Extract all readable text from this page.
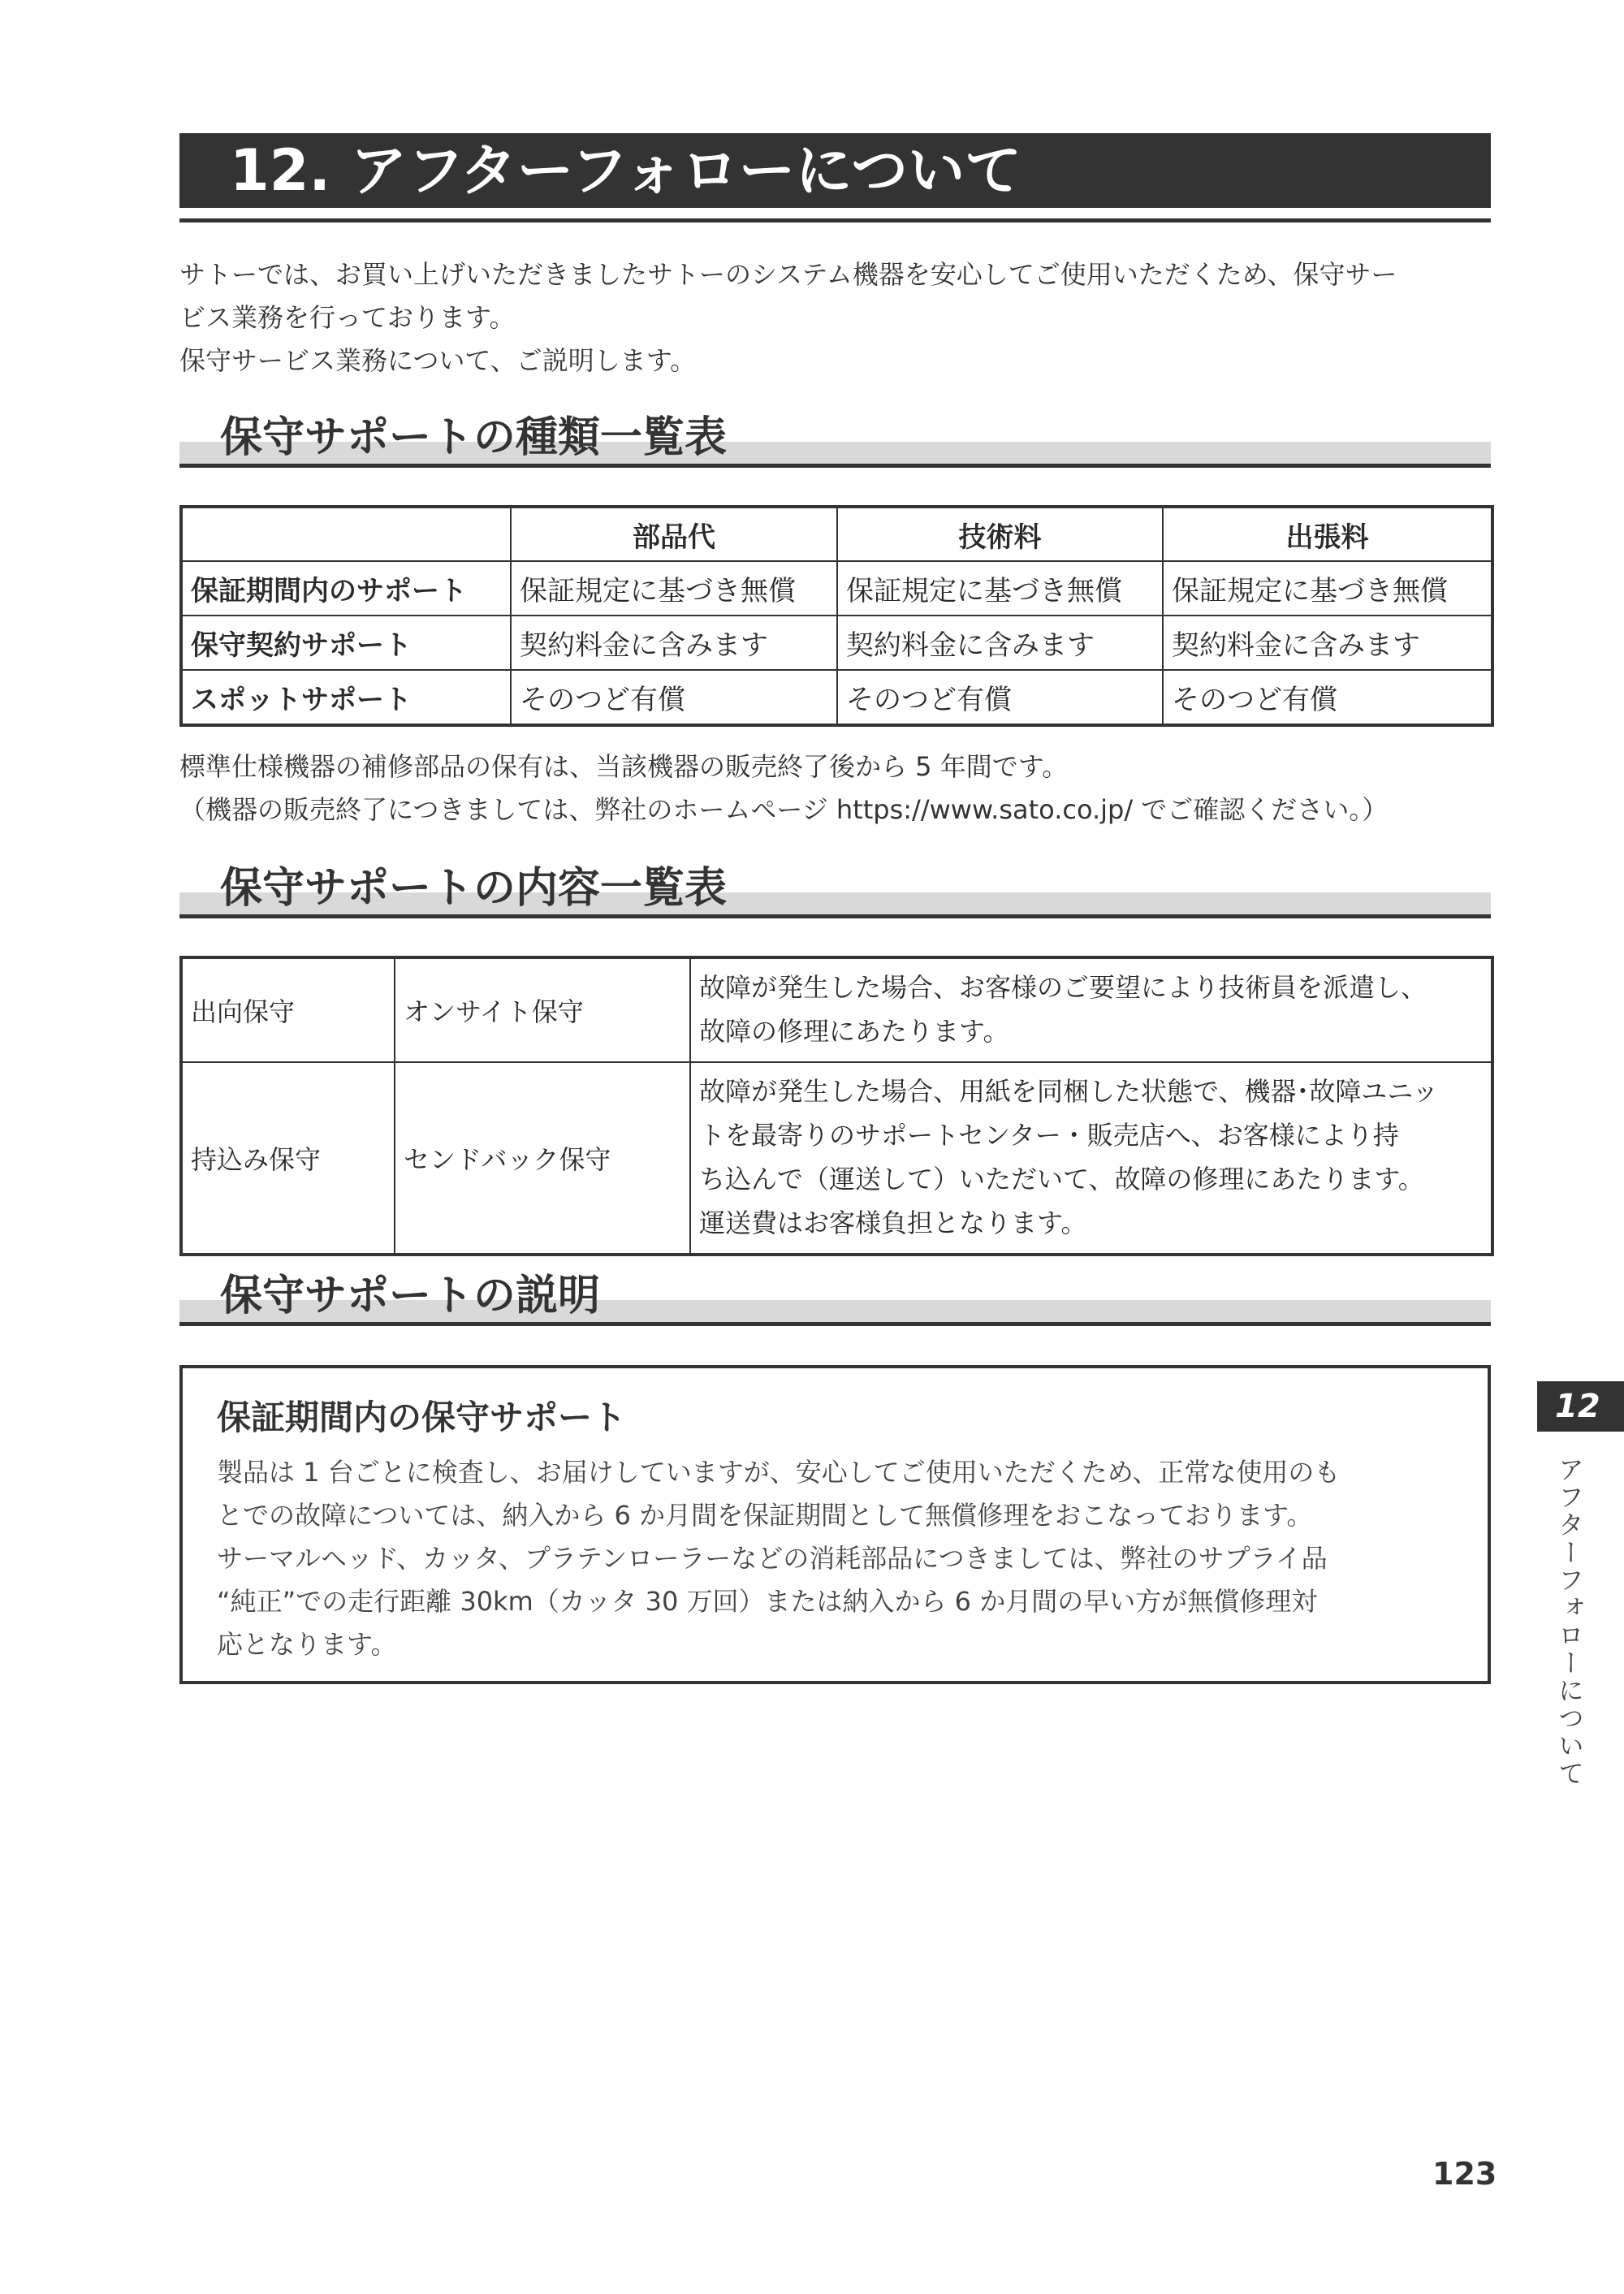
12. アフターフォローについて

サトーでは、お買い上げいただきましたサトーのシステム機器を安心してご使用いただくため、保守サー

ビス業務を行っております。

保守サービス業務について、ご説明します。

保守サポートの種類一覧表
	部品代	技術料	出張料
保証期間内のサポート	保証規定に基づき無償	保証規定に基づき無償	保証規定に基づき無償
保守契約サポート	契約料金に含みます	契約料金に含みます	契約料金に含みます
スポットサポート	そのつど有償	そのつど有償	そのつど有償

標準仕様機器の補修部品の保有は、当該機器の販売終了後から 5 年間です。

（機器の販売終了につきましては、弊社のホームページ https://www.sato.co.jp/ でご確認ください。）

保守サポートの内容一覧表
出向保守	オンサイト保守	故障が発生した場合、お客様のご要望により技術員を派遣し、
故障の修理にあたります。

持込み保守	センドバック保守	故障が発生した場合、用紙を同梱した状態で、機器･故障ユニッ
トを最寄りのサポートセンター・販売店へ、お客様により持
ち込んで（運送して）いただいて、故障の修理にあたります。
運送費はお客様負担となります。
保守サポートの説明
保証期間内の保守サポート

製品は 1 台ごとに検査し、お届けしていますが、安心してご使用いただくため、正常な使用のも

とでの故障については、納入から 6 か月間を保証期間として無償修理をおこなっております。

サーマルヘッド、カッタ、プラテンローラーなどの消耗部品につきましては、弊社のサプライ品

“純正”での走行距離 30km（カッタ 30 万回）または納入から 6 か月間の早い方が無償修理対

応となります。

12
アフターフォローについて
123
